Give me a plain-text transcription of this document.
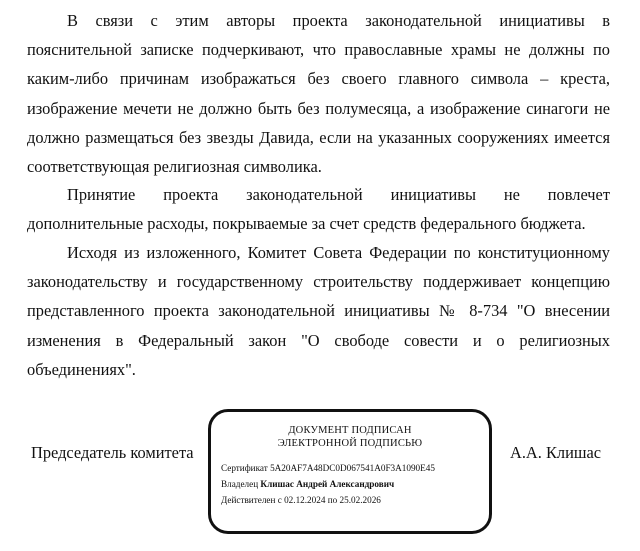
В связи с этим авторы проекта законодательной инициативы в пояснительной записке подчеркивают, что православные храмы не должны по каким-либо причинам изображаться без своего главного символа – креста, изображение мечети не должно быть без полумесяца, а изображение синагоги не должно размещаться без звезды Давида, если на указанных сооружениях имеется соответствующая религиозная символика.

Принятие проекта законодательной инициативы не повлечет дополнительные расходы, покрываемые за счет средств федерального бюджета.

Исходя из изложенного, Комитет Совета Федерации по конституционному законодательству и государственному строительству поддерживает концепцию представленного проекта законодательной инициативы № 8-734 "О внесении изменения в Федеральный закон "О свободе совести и о религиозных объединениях".

Председатель комитета
ДОКУМЕНТ ПОДПИСАН
ЭЛЕКТРОННОЙ ПОДПИСЬЮ
Сертификат 5A20AF7A48DC0D067541A0F3A1090E45
Владелец Клишас Андрей Александрович
Действителен с 02.12.2024 по 25.02.2026
А.А. Клишас
